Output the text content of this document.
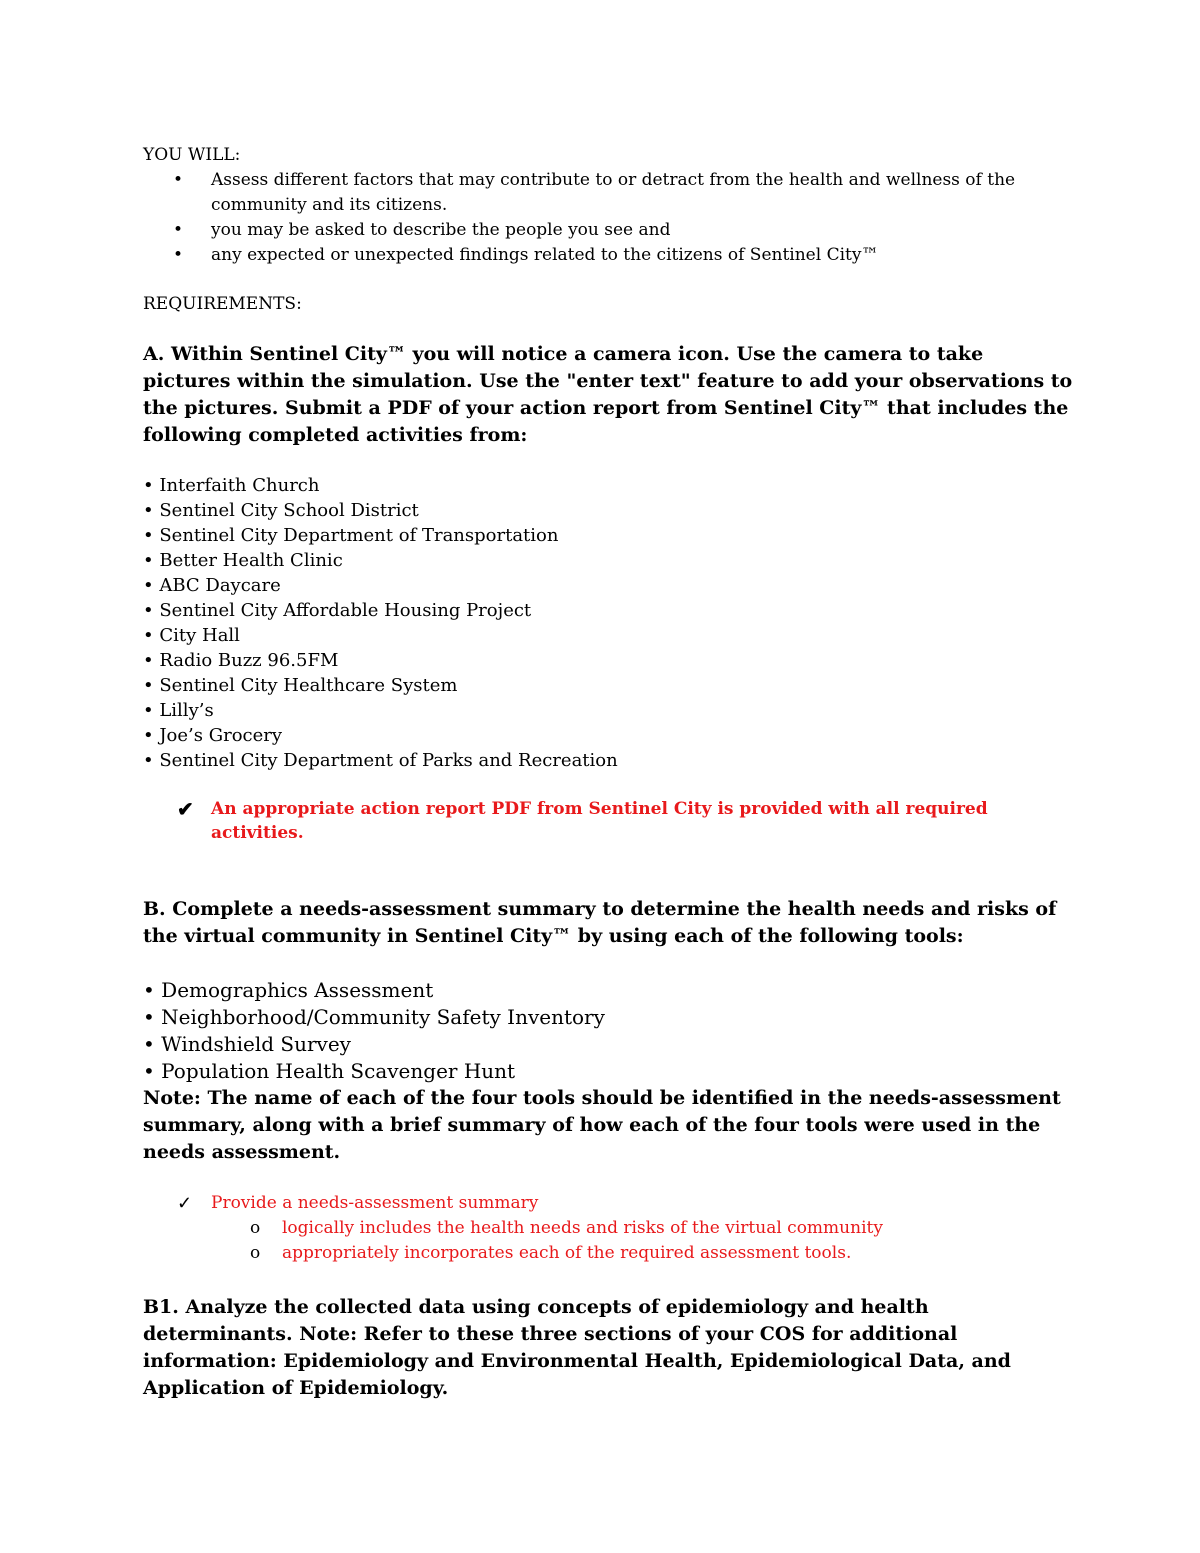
YOU WILL:
• Assess different factors that may contribute to or detract from the health and wellness of the community and its citizens.
• you may be asked to describe the people you see and
• any expected or unexpected findings related to the citizens of Sentinel City™
REQUIREMENTS:
A. Within Sentinel City™ you will notice a camera icon. Use the camera to take pictures within the simulation. Use the "enter text" feature to add your observations to the pictures. Submit a PDF of your action report from Sentinel City™ that includes the following completed activities from:
• Interfaith Church
• Sentinel City School District
• Sentinel City Department of Transportation
• Better Health Clinic
• ABC Daycare
• Sentinel City Affordable Housing Project
• City Hall
• Radio Buzz 96.5FM
• Sentinel City Healthcare System
• Lilly’s
• Joe’s Grocery
• Sentinel City Department of Parks and Recreation
✔ An appropriate action report PDF from Sentinel City is provided with all required activities.
B. Complete a needs-assessment summary to determine the health needs and risks of the virtual community in Sentinel City™ by using each of the following tools:
• Demographics Assessment
• Neighborhood/Community Safety Inventory
• Windshield Survey
• Population Health Scavenger Hunt
Note: The name of each of the four tools should be identified in the needs-assessment summary, along with a brief summary of how each of the four tools were used in the needs assessment.
✓ Provide a needs-assessment summary
o logically includes the health needs and risks of the virtual community
o appropriately incorporates each of the required assessment tools.
B1. Analyze the collected data using concepts of epidemiology and health determinants. Note: Refer to these three sections of your COS for additional information: Epidemiology and Environmental Health, Epidemiological Data, and Application of Epidemiology.
